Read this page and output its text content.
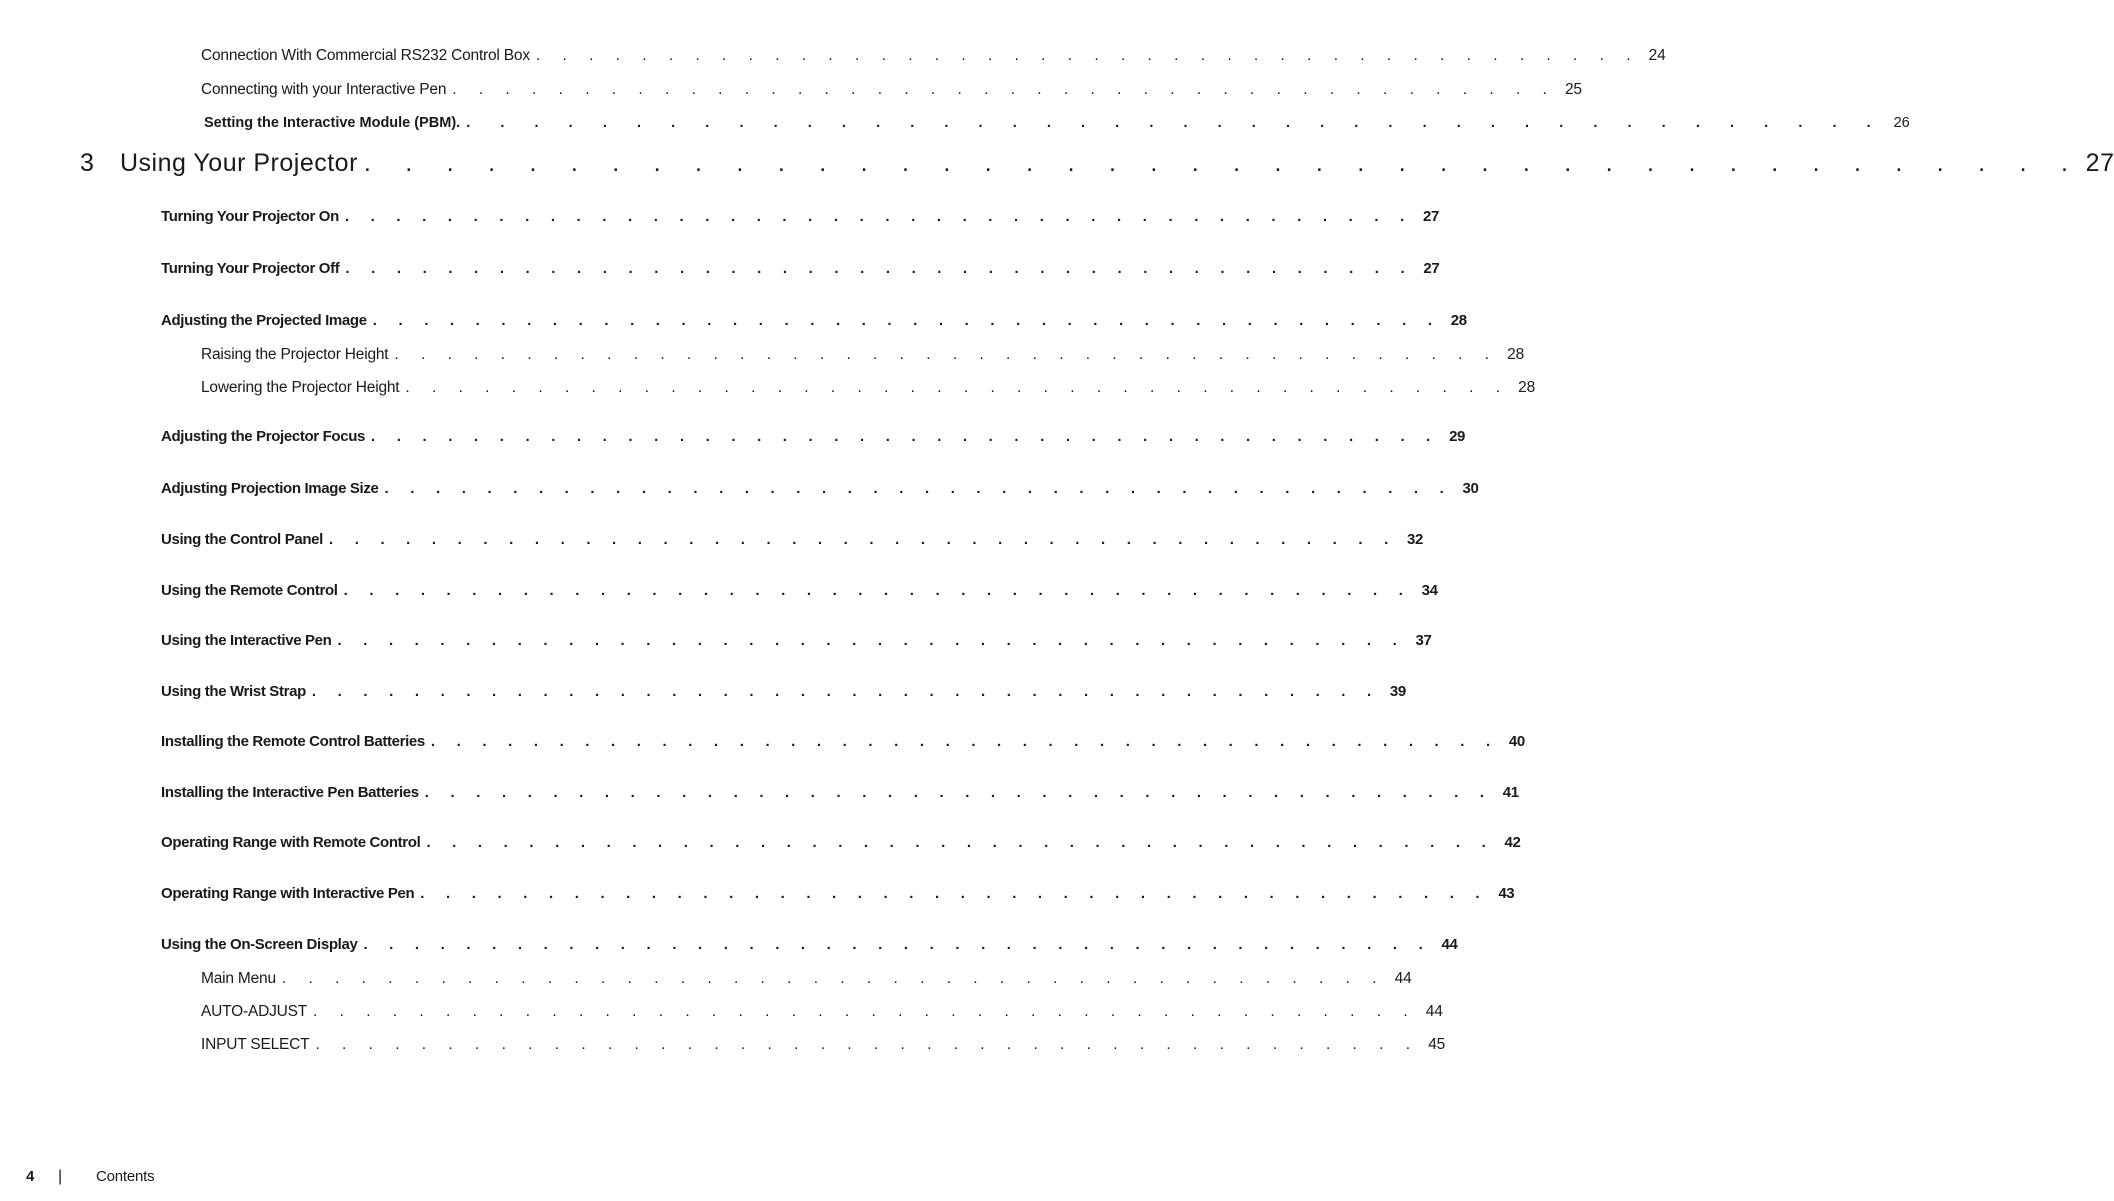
Connection With Commercial RS232 Control Box . . . . . . . . . . . . . . . . . . . . . . . . . . . . . . . . . . . . . . . . . . 24
Connecting with your Interactive Pen . . . . . . . . . . . . . . . . . . . . . . . . . . . . . . . . . . . . . . . . . . 25
Setting the Interactive Module (PBM). . . . . . . . . . . . . . . . . . . . . . . . . . . . . . . . . . . . . . . . . . . 26
3	Using Your Projector . . . . . . . . . . . . . . . . . . . . . . . . . . . . . . . . . . . . . . . . . . 27
Turning Your Projector On . . . . . . . . . . . . . . . . . . . . . . . . . . . . . . . . . . . . . . . . . . 27
Turning Your Projector Off . . . . . . . . . . . . . . . . . . . . . . . . . . . . . . . . . . . . . . . . . . 27
Adjusting the Projected Image . . . . . . . . . . . . . . . . . . . . . . . . . . . . . . . . . . . . . . . . . . 28
Raising the Projector Height . . . . . . . . . . . . . . . . . . . . . . . . . . . . . . . . . . . . . . . . . . 28
Lowering the Projector Height . . . . . . . . . . . . . . . . . . . . . . . . . . . . . . . . . . . . . . . . . . 28
Adjusting the Projector Focus . . . . . . . . . . . . . . . . . . . . . . . . . . . . . . . . . . . . . . . . . . 29
Adjusting Projection Image Size . . . . . . . . . . . . . . . . . . . . . . . . . . . . . . . . . . . . . . . . . . 30
Using the Control Panel . . . . . . . . . . . . . . . . . . . . . . . . . . . . . . . . . . . . . . . . . . 32
Using the Remote Control . . . . . . . . . . . . . . . . . . . . . . . . . . . . . . . . . . . . . . . . . . 34
Using the Interactive Pen . . . . . . . . . . . . . . . . . . . . . . . . . . . . . . . . . . . . . . . . . . 37
Using the Wrist Strap . . . . . . . . . . . . . . . . . . . . . . . . . . . . . . . . . . . . . . . . . . 39
Installing the Remote Control Batteries . . . . . . . . . . . . . . . . . . . . . . . . . . . . . . . . . . . . . . . . . . 40
Installing the Interactive Pen Batteries . . . . . . . . . . . . . . . . . . . . . . . . . . . . . . . . . . . . . . . . . . 41
Operating Range with Remote Control . . . . . . . . . . . . . . . . . . . . . . . . . . . . . . . . . . . . . . . . . . 42
Operating Range with Interactive Pen . . . . . . . . . . . . . . . . . . . . . . . . . . . . . . . . . . . . . . . . . . 43
Using the On-Screen Display . . . . . . . . . . . . . . . . . . . . . . . . . . . . . . . . . . . . . . . . . . 44
Main Menu . . . . . . . . . . . . . . . . . . . . . . . . . . . . . . . . . . . . . . . . . . 44
AUTO-ADJUST . . . . . . . . . . . . . . . . . . . . . . . . . . . . . . . . . . . . . . . . . . 44
INPUT SELECT . . . . . . . . . . . . . . . . . . . . . . . . . . . . . . . . . . . . . . . . . . 45
4	|	Contents
